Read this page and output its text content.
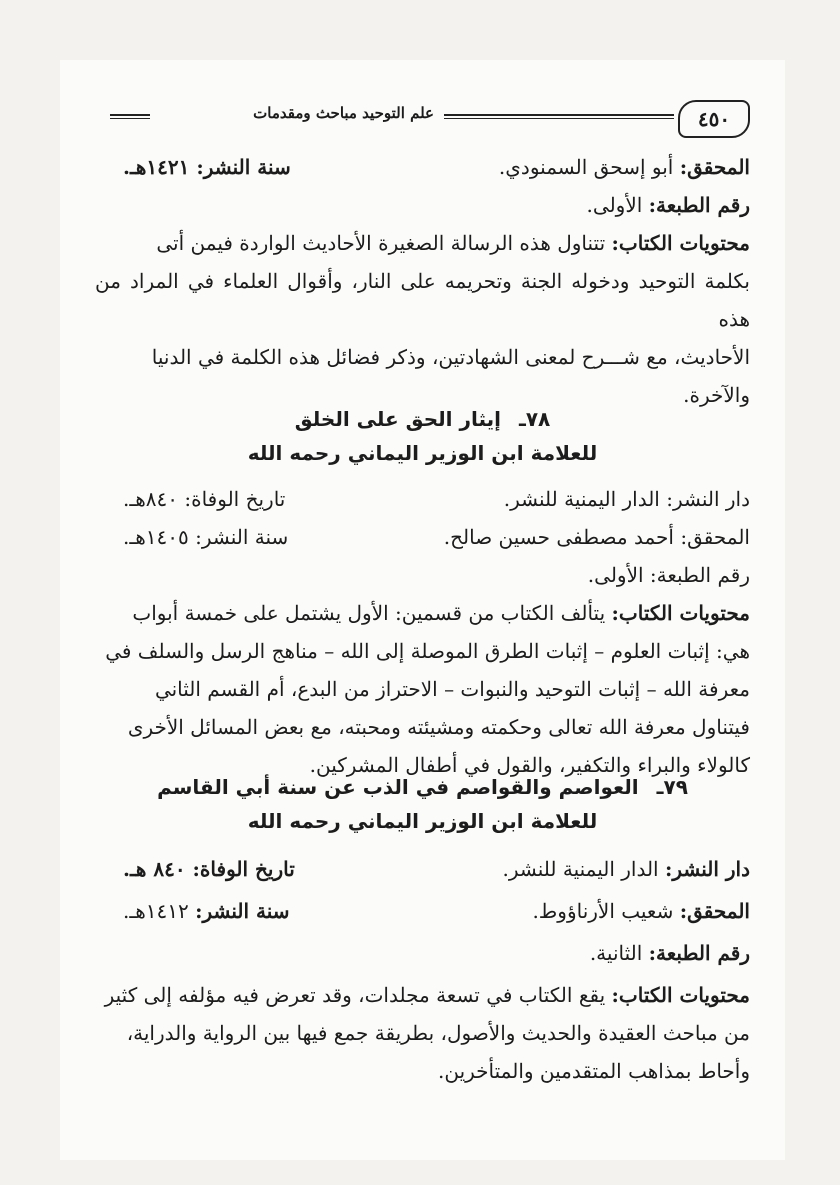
٤٥٠
علم التوحيد مباحث ومقدمات
المحقق: أبو إسحق السمنودي.
سنة النشر: ١٤٢١هـ.
رقم الطبعة: الأولى.
محتويات الكتاب: تتناول هذه الرسالة الصغيرة الأحاديث الواردة فيمن أتى
بكلمة التوحيد ودخوله الجنة وتحريمه على النار، وأقوال العلماء في المراد من هذه
الأحاديث، مع شـــرح لمعنى الشهادتين، وذكر فضائل هذه الكلمة في الدنيا
والآخرة.
٧٨ـإيثار الحق على الخلق
للعلامة ابن الوزير اليماني رحمه الله
دار النشر: الدار اليمنية للنشر.
تاريخ الوفاة: ٨٤٠هـ.
المحقق: أحمد مصطفى حسين صالح.
سنة النشر: ١٤٠٥هـ.
رقم الطبعة: الأولى.
محتويات الكتاب: يتألف الكتاب من قسمين: الأول يشتمل على خمسة أبواب
هي: إثبات العلوم – إثبات الطرق الموصلة إلى الله – مناهج الرسل والسلف في
معرفة الله – إثبات التوحيد والنبوات – الاحتراز من البدع، أم القسم الثاني
فيتناول معرفة الله تعالى وحكمته ومشيئته ومحبته، مع بعض المسائل الأخرى
كالولاء والبراء والتكفير، والقول في أطفال المشركين.
٧٩ـالعواصم والقواصم في الذب عن سنة أبي القاسم
للعلامة ابن الوزير اليماني رحمه الله
دار النشر: الدار اليمنية للنشر.
تاريخ الوفاة: ٨٤٠ هـ.
المحقق: شعيب الأرناؤوط.
سنة النشر: ١٤١٢هـ.
رقم الطبعة: الثانية.
محتويات الكتاب: يقع الكتاب في تسعة مجلدات، وقد تعرض فيه مؤلفه إلى كثير
من مباحث العقيدة والحديث والأصول، بطريقة جمع فيها بين الرواية والدراية،
وأحاط بمذاهب المتقدمين والمتأخرين.
